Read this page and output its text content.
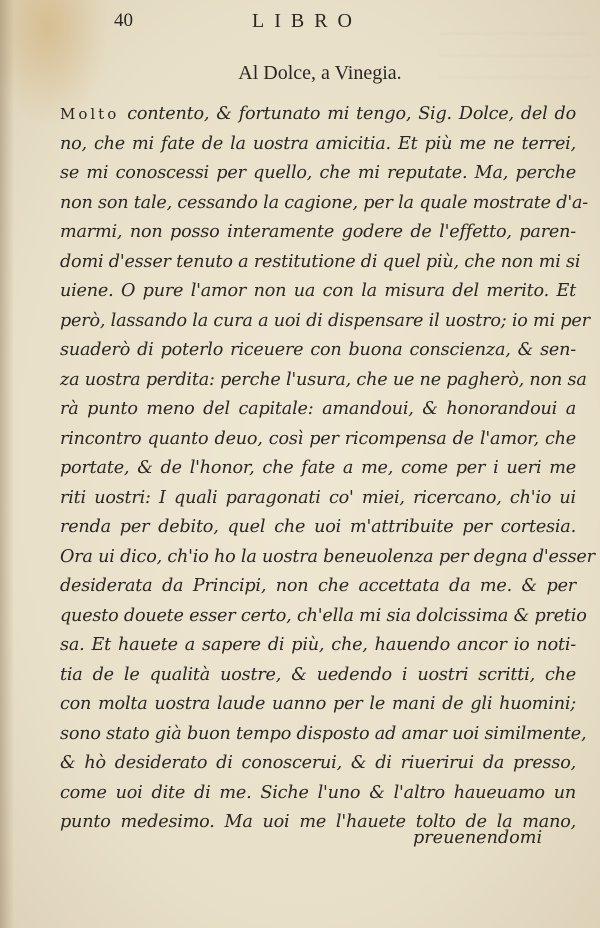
40	LIBRO
Al Dolce, a Vinegia.
Molto contento, & fortunato mi tengo, Sig. Dolce, del do
no, che mi fate de la uostra amicitia. Et più me ne terrei,
se mi conoscessi per quello, che mi reputate. Ma, perche
non son tale, cessando la cagione, per la quale mostrate d'a-
marmi, non posso interamente godere de l'effetto, paren-
domi d'esser tenuto a restitutione di quel più, che non mi si
uiene. O pure l'amor non ua con la misura del merito. Et
però, lassando la cura a uoi di dispensare il uostro; io mi per
suaderò di poterlo riceuere con buona conscienza, & sen-
za uostra perdita: perche l'usura, che ue ne pagherò, non sa
rà punto meno del capitale: amandoui, & honorandoui a
rincontro quanto deuo, così per ricompensa de l'amor, che
portate, & de l'honor, che fate a me, come per i ueri me
riti uostri: I quali paragonati co' miei, ricercano, ch'io ui
renda per debito, quel che uoi m'attribuite per cortesia.
Ora ui dico, ch'io ho la uostra beneuolenza per degna d'esser
desiderata da Principi, non che accettata da me. & per
questo douete esser certo, ch'ella mi sia dolcissima & pretio
sa. Et hauete a sapere di più, che, hauendo ancor io noti-
tia de le qualità uostre, & uedendo i uostri scritti, che
con molta uostra laude uanno per le mani de gli huomini;
sono stato già buon tempo disposto ad amar uoi similmente,
& hò desiderato di conoscerui, & di riuerirui da presso,
come uoi dite di me. Siche l'uno & l'altro haueuamo un
punto medesimo. Ma uoi me l'hauete tolto de la mano,
preuenendomi
